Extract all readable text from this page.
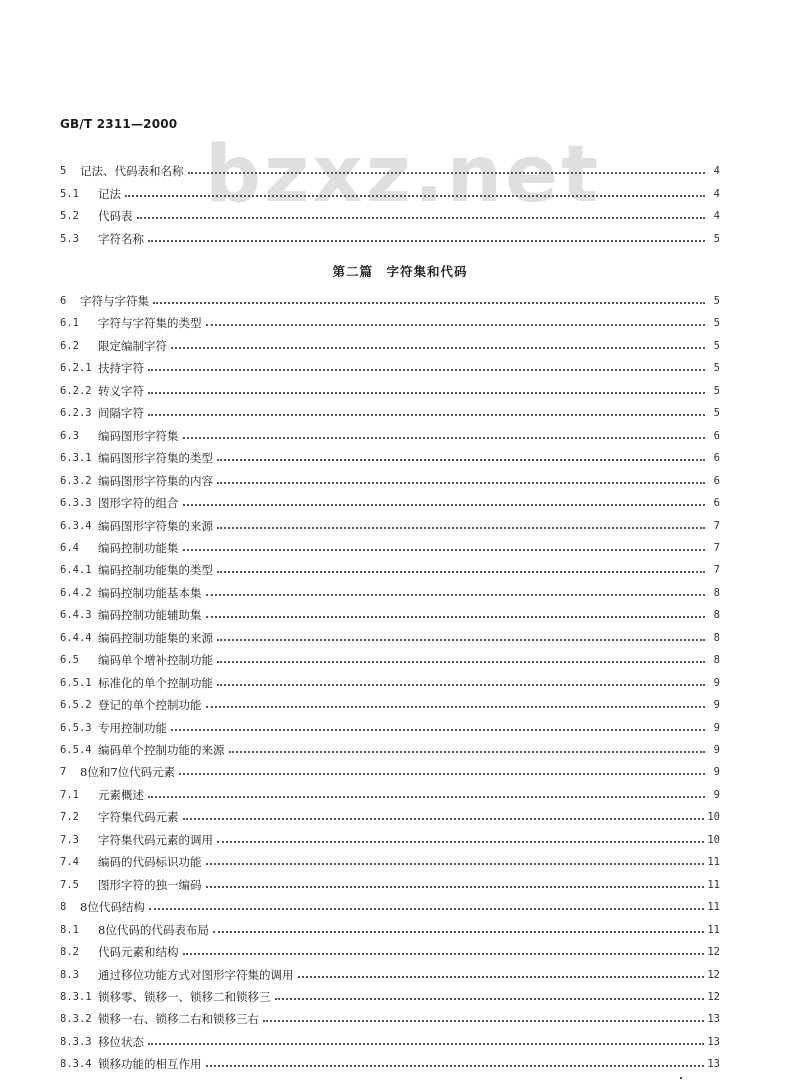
GB/T 2311—2000
bzxz.net
5	记法、代码表和名称	4
5.1	记法	4
5.2	代码表	4
5.3	字符名称	5
第二篇　字符集和代码
6	字符与字符集	5
6.1	字符与字符集的类型	5
6.2	限定编制字符	5
6.2.1 扶持字符	5
6.2.2 转义字符	5
6.2.3 间隔字符	5
6.3	编码图形字符集	6
6.3.1 编码图形字符集的类型	6
6.3.2 编码图形字符集的内容	6
6.3.3 图形字符的组合	6
6.3.4 编码图形字符集的来源	7
6.4	编码控制功能集	7
6.4.1 编码控制功能集的类型	7
6.4.2 编码控制功能基本集	8
6.4.3 编码控制功能辅助集	8
6.4.4 编码控制功能集的来源	8
6.5	编码单个增补控制功能	8
6.5.1 标准化的单个控制功能	9
6.5.2 登记的单个控制功能	9
6.5.3 专用控制功能	9
6.5.4 编码单个控制功能的来源	9
7	8位和7位代码元素	9
7.1	元素概述	9
7.2	字符集代码元素	10
7.3	字符集代码元素的调用	10
7.4	编码的代码标识功能	11
7.5	图形字符的独一编码	11
8	8位代码结构	11
8.1	8位代码的代码表布局	11
8.2	代码元素和结构	12
8.3	通过移位功能方式对图形字符集的调用	12
8.3.1 锁移零、锁移一、锁移二和锁移三	12
8.3.2 锁移一右、锁移二右和锁移三右	13
8.3.3 移位状态	13
8.3.4 锁移功能的相互作用	13
